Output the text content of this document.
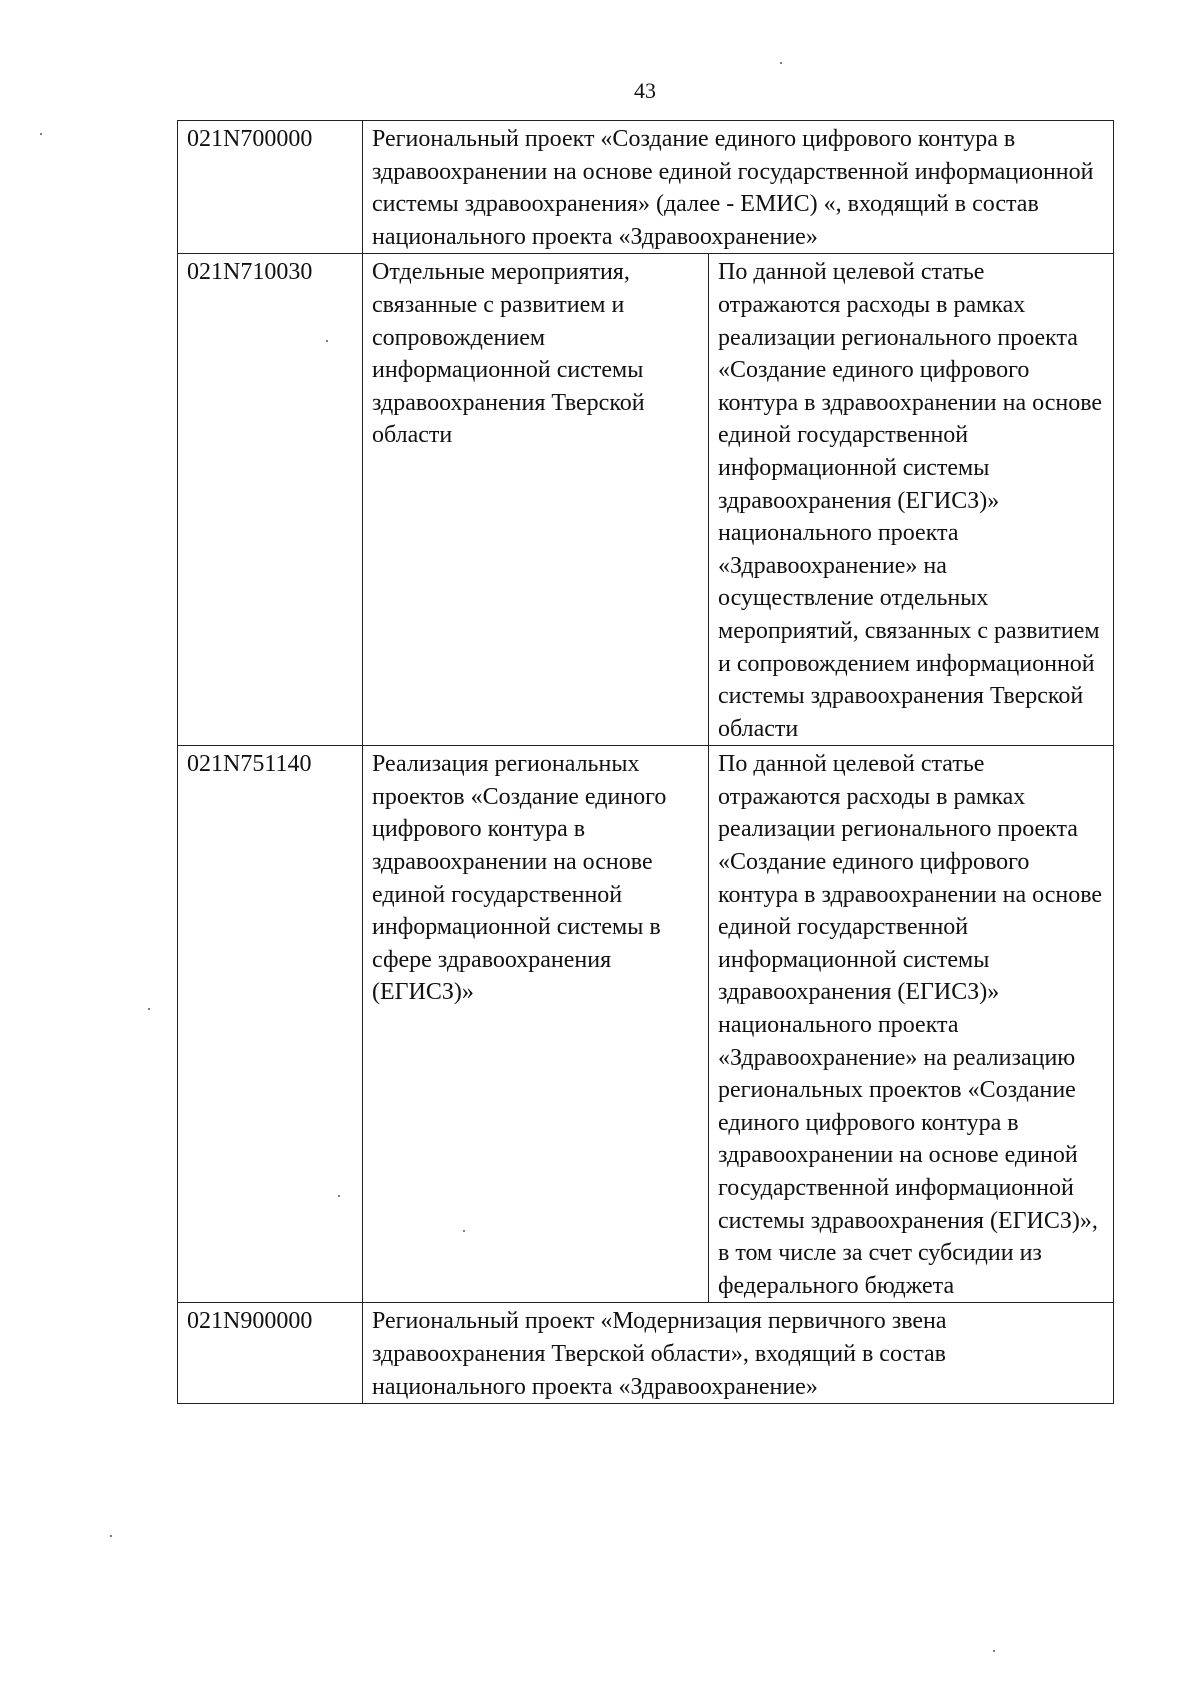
43
021N700000	Региональный проект «Создание единого цифрового контура в здравоохранении на основе единой государственной информационной системы здравоохранения» (далее - ЕМИС) «, входящий в состав национального проекта «Здравоохранение»	
021N710030	Отдельные мероприятия, связанные с развитием и сопровождением информационной системы здравоохранения Тверской области	По данной целевой статье отражаются расходы в рамках реализации регионального проекта «Создание единого цифрового контура в здравоохранении на основе единой государственной информационной системы здравоохранения (ЕГИСЗ)» национального проекта «Здравоохранение» на осуществление отдельных мероприятий, связанных с развитием и сопровождением информационной системы здравоохранения Тверской области
021N751140	Реализация региональных проектов «Создание единого цифрового контура в здравоохранении на основе единой государственной информационной системы в сфере здравоохранения (ЕГИСЗ)»	По данной целевой статье отражаются расходы в рамках реализации регионального проекта «Создание единого цифрового контура в здравоохранении на основе единой государственной информационной системы здравоохранения (ЕГИСЗ)» национального проекта «Здравоохранение» на реализацию региональных проектов «Создание единого цифрового контура в здравоохранении на основе единой государственной информационной системы здравоохранения (ЕГИСЗ)», в том числе за счет субсидии из федерального бюджета
021N900000	Региональный проект «Модернизация первичного звена здравоохранения Тверской области», входящий в состав национального проекта «Здравоохранение»	
